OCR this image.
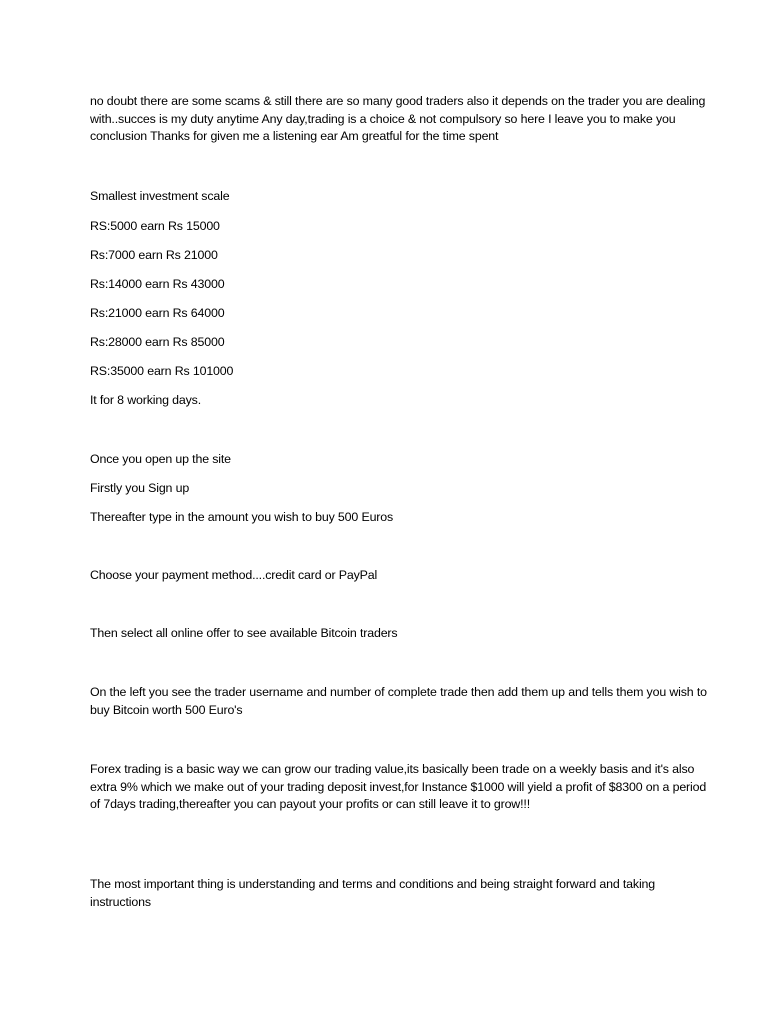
no doubt there are some scams & still there are so many good traders also it depends on the trader you are dealing with..succes is my duty anytime Any day,trading is a choice & not compulsory so here I leave you to make you conclusion Thanks for given me a listening ear Am greatful for the time spent
Smallest investment scale
RS:5000 earn Rs 15000
Rs:7000 earn Rs 21000
Rs:14000 earn Rs 43000
Rs:21000 earn Rs 64000
Rs:28000 earn Rs 85000
RS:35000 earn Rs 101000
It for 8 working days.
Once you open up the site
Firstly you Sign up
Thereafter type in the amount you wish to buy 500 Euros
Choose your payment method....credit card or PayPal
Then select all online offer to see available Bitcoin traders
On the left you see the trader username and number of complete trade then add them up and tells them you wish to buy Bitcoin worth 500 Euro's
Forex trading is a basic way we can grow our trading value,its basically been trade on a weekly basis and it's also extra 9% which we make out of your trading deposit invest,for Instance $1000 will yield a profit of $8300 on a period of 7days trading,thereafter you can payout your profits or can still leave it to grow!!!
The most important thing is understanding and terms and conditions and being straight forward and taking instructions
